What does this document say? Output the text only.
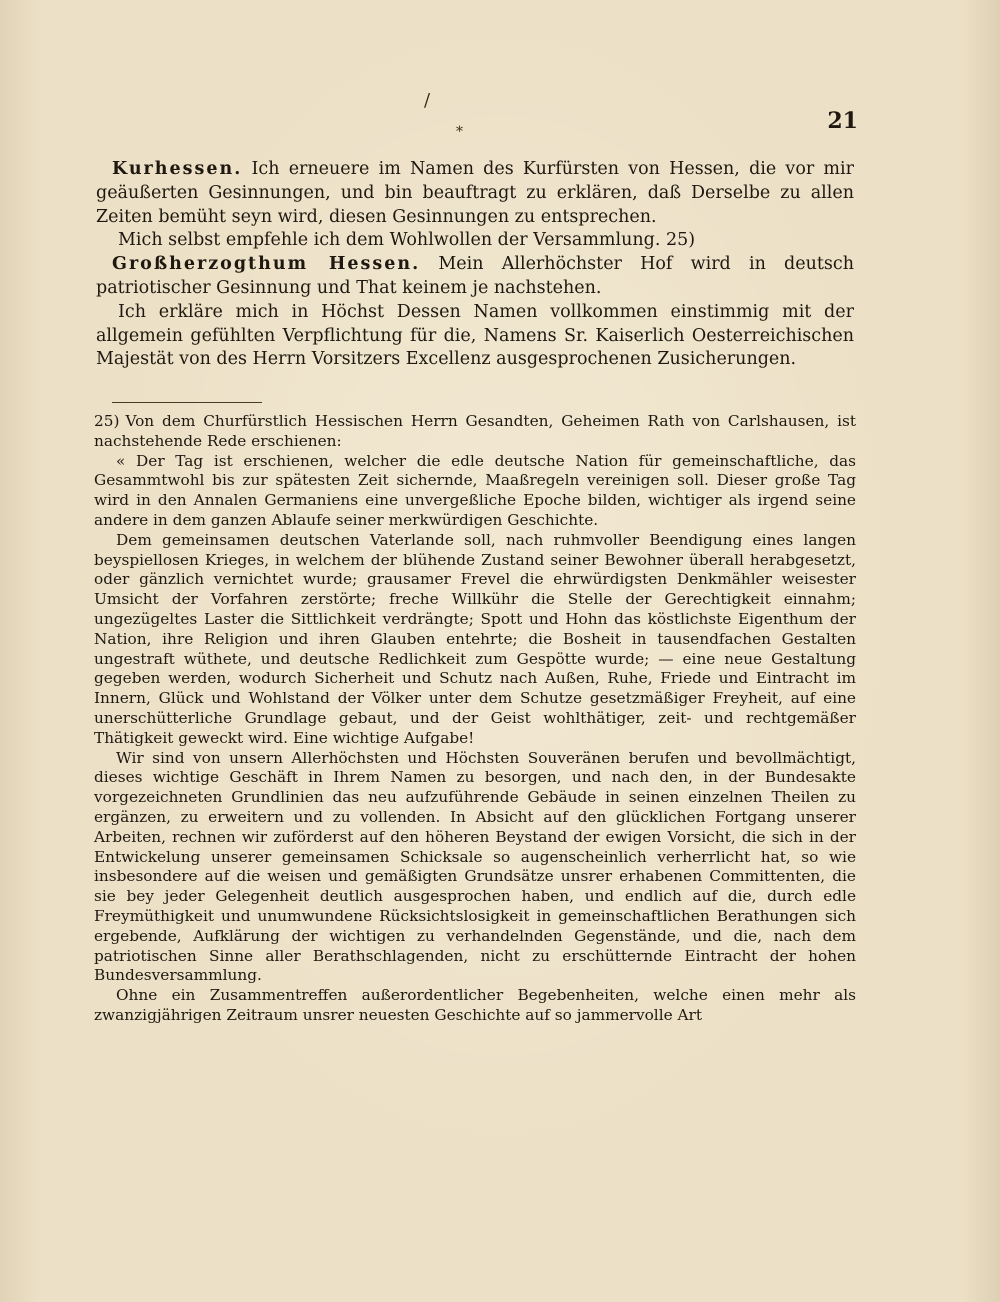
/
*	21

Kurhessen. Ich erneuere im Namen des Kurfürsten von Hessen, die vor mir geäußerten Gesinnungen, und bin beauftragt zu erklären, daß Derselbe zu allen Zeiten bemüht seyn wird, diesen Gesinnungen zu entsprechen.

Mich selbst empfehle ich dem Wohlwollen der Versammlung. 25)

Großherzogthum Hessen. Mein Allerhöchster Hof wird in deutsch patriotischer Gesinnung und That keinem je nachstehen.

Ich erkläre mich in Höchst Dessen Namen vollkommen einstimmig mit der allgemein gefühlten Verpflichtung für die, Namens Sr. Kaiserlich Oesterreichischen Majestät von des Herrn Vorsitzers Excellenz ausgesprochenen Zusicherungen.

25) Von dem Churfürstlich Hessischen Herrn Gesandten, Geheimen Rath von Carlshausen, ist nachstehende Rede erschienen:

« Der Tag ist erschienen, welcher die edle deutsche Nation für gemeinschaftliche, das Gesammtwohl bis zur spätesten Zeit sichernde, Maaßregeln vereinigen soll. Dieser große Tag wird in den Annalen Germaniens eine unvergeßliche Epoche bilden, wichtiger als irgend seine andere in dem ganzen Ablaufe seiner merkwürdigen Geschichte.

Dem gemeinsamen deutschen Vaterlande soll, nach ruhmvoller Beendigung eines langen beyspiellosen Krieges, in welchem der blühende Zustand seiner Bewohner überall herabgesetzt, oder gänzlich vernichtet wurde; grausamer Frevel die ehrwürdigsten Denkmähler weisester Umsicht der Vorfahren zerstörte; freche Willkühr die Stelle der Gerechtigkeit einnahm; ungezügeltes Laster die Sittlichkeit verdrängte; Spott und Hohn das köstlichste Eigenthum der Nation, ihre Religion und ihren Glauben entehrte; die Bosheit in tausendfachen Gestalten ungestraft wüthete, und deutsche Redlichkeit zum Gespötte wurde; — eine neue Gestaltung gegeben werden, wodurch Sicherheit und Schutz nach Außen, Ruhe, Friede und Eintracht im Innern, Glück und Wohlstand der Völker unter dem Schutze gesetzmäßiger Freyheit, auf eine unerschütterliche Grundlage gebaut, und der Geist wohlthätiger, zeit- und rechtgemäßer Thätigkeit geweckt wird. Eine wichtige Aufgabe!

Wir sind von unsern Allerhöchsten und Höchsten Souveränen berufen und bevollmächtigt, dieses wichtige Geschäft in Ihrem Namen zu besorgen, und nach den, in der Bundesakte vorgezeichneten Grundlinien das neu aufzuführende Gebäude in seinen einzelnen Theilen zu ergänzen, zu erweitern und zu vollenden. In Absicht auf den glücklichen Fortgang unserer Arbeiten, rechnen wir zuförderst auf den höheren Beystand der ewigen Vorsicht, die sich in der Entwickelung unserer gemeinsamen Schicksale so augenscheinlich verherrlicht hat, so wie insbesondere auf die weisen und gemäßigten Grundsätze unsrer erhabenen Committenten, die sie bey jeder Gelegenheit deutlich ausgesprochen haben, und endlich auf die, durch edle Freymüthigkeit und unumwundene Rücksichtslosigkeit in gemeinschaftlichen Berathungen sich ergebende, Aufklärung der wichtigen zu verhandelnden Gegenstände, und die, nach dem patriotischen Sinne aller Berathschlagenden, nicht zu erschütternde Eintracht der hohen Bundesversammlung.

Ohne ein Zusammentreffen außerordentlicher Begebenheiten, welche einen mehr als zwanzigjährigen Zeitraum unsrer neuesten Geschichte auf so jammervolle Art
